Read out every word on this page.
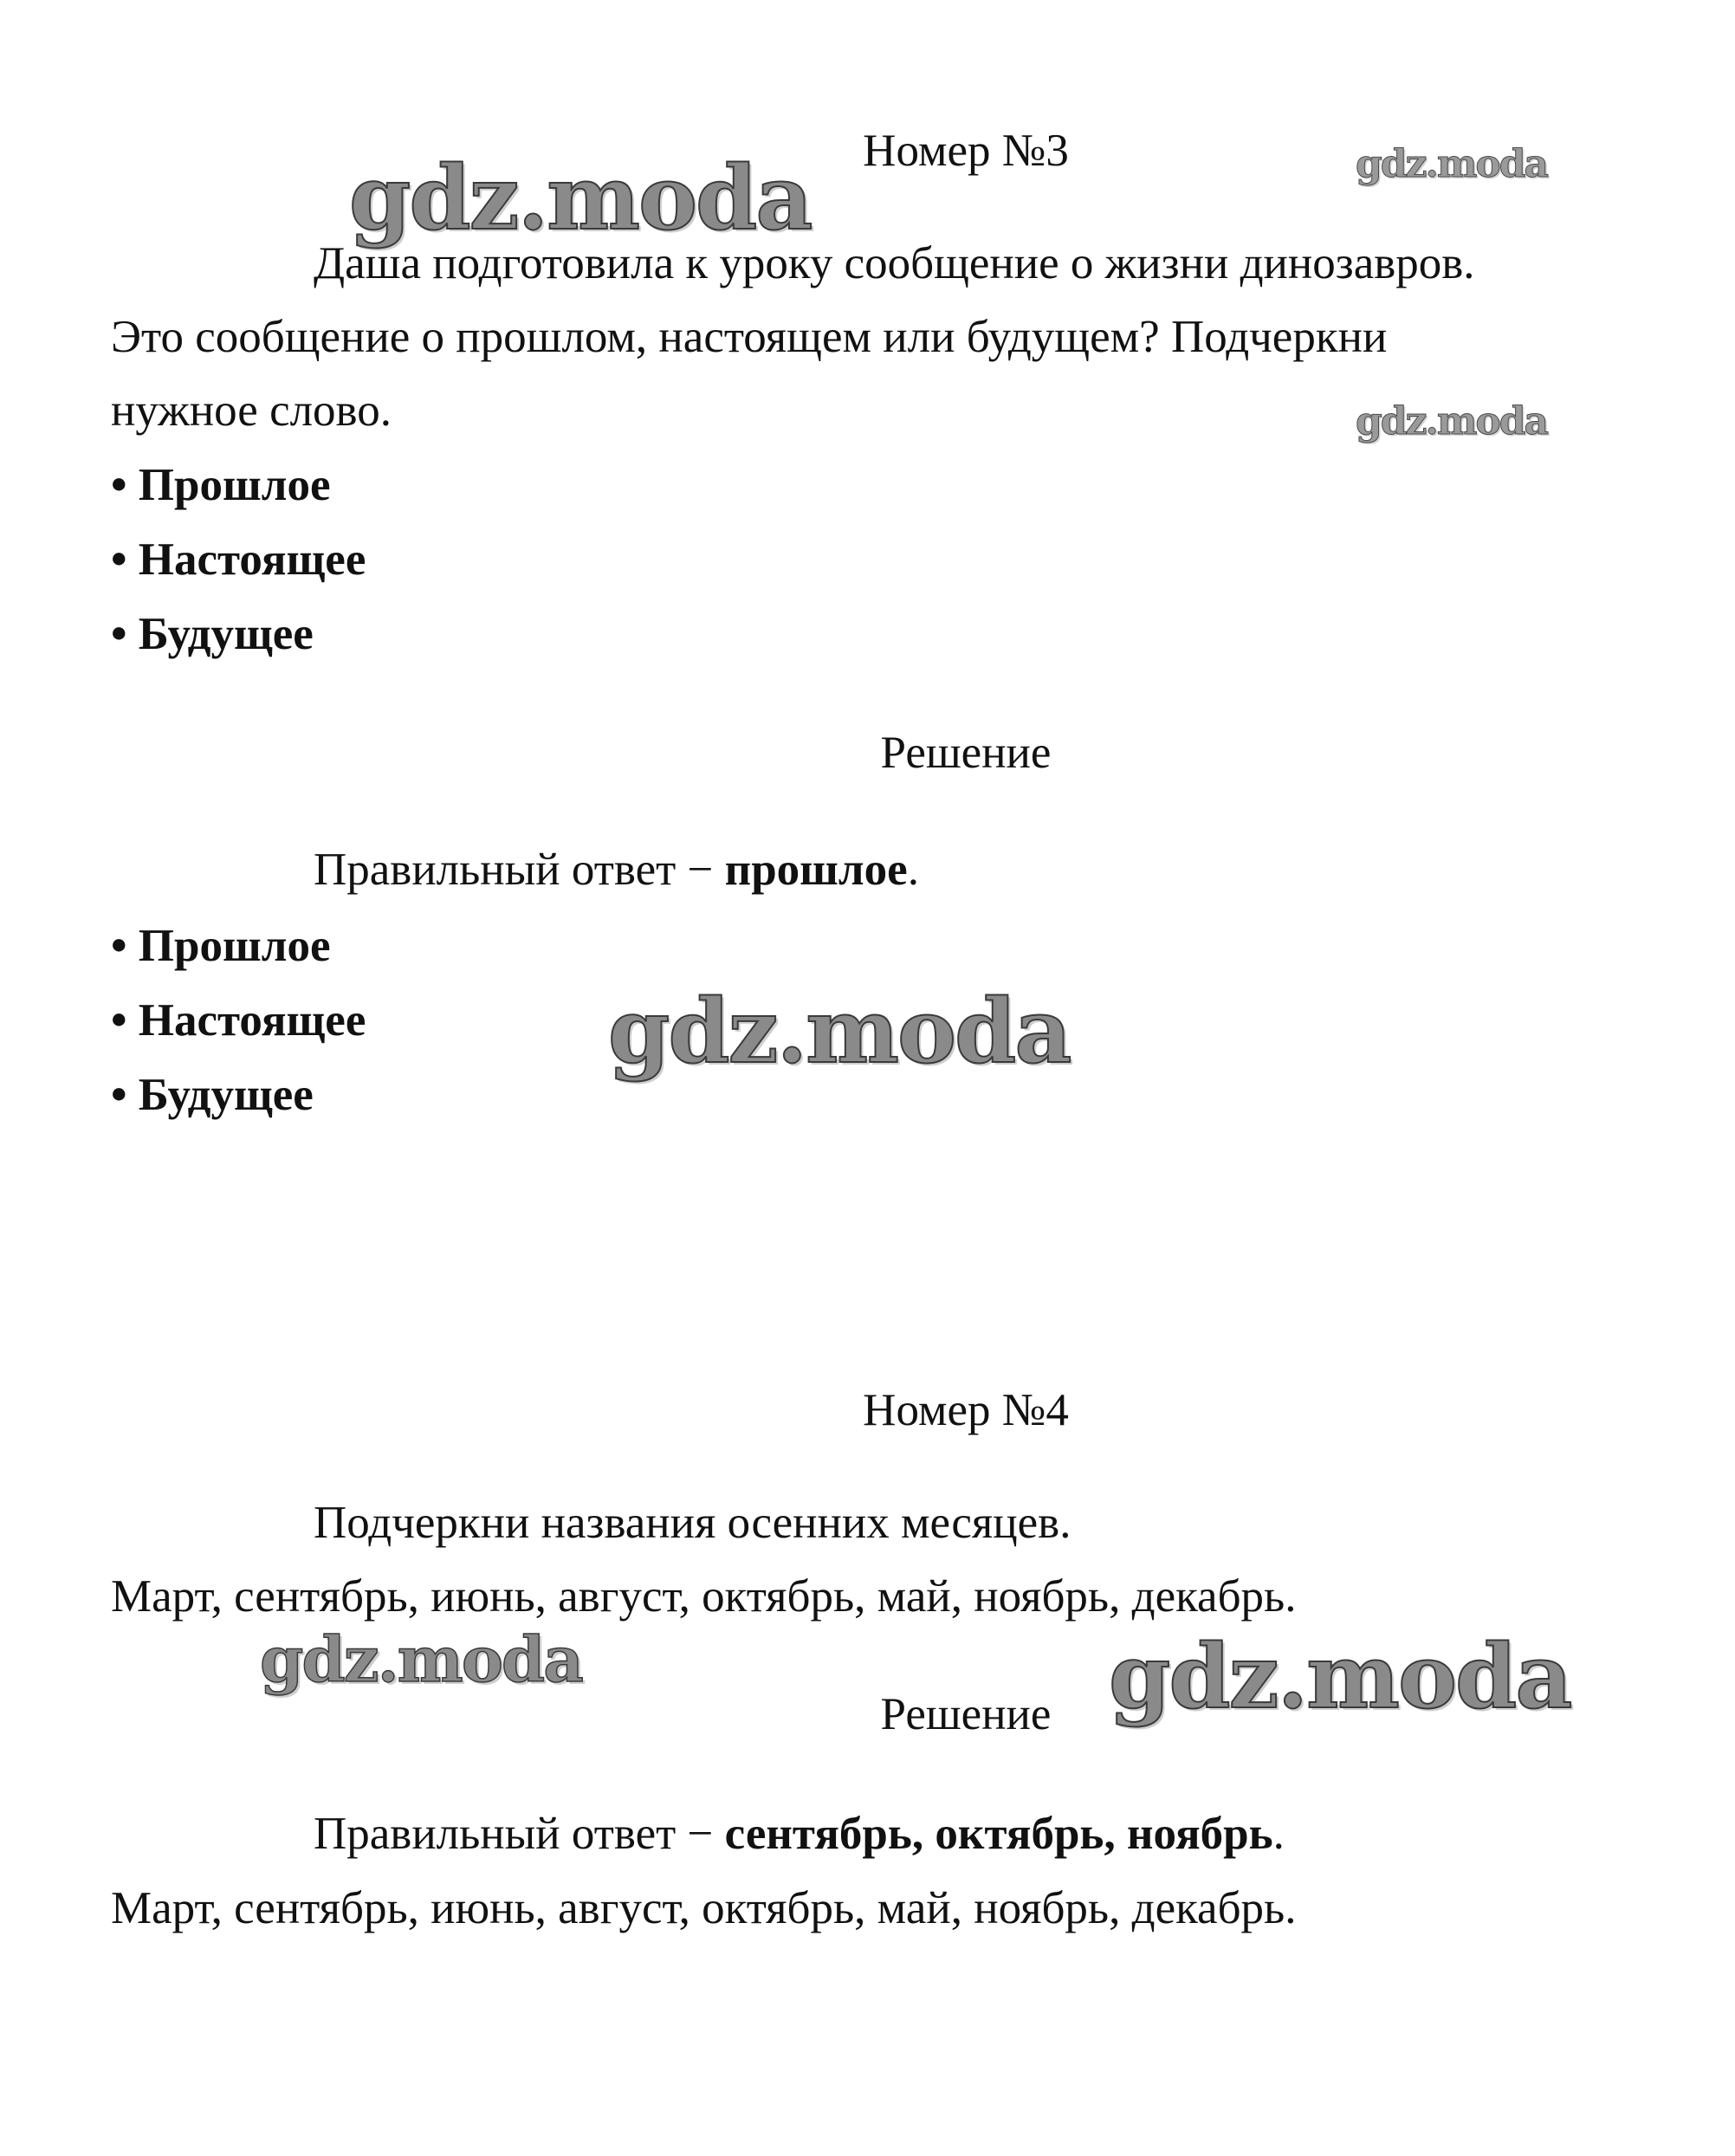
gdz.moda	gdz.moda
gdz.moda
gdz.moda
gdz.moda	gdz.moda
Номер №3
Даша подготовила к уроку сообщение о жизни динозавров.
Это сообщение о прошлом, настоящем или будущем? Подчеркни
нужное слово.
• Прошлое
• Настоящее
• Будущее
Решение
Правильный ответ − прошлое.
• Прошлое
• Настоящее
• Будущее
Номер №4
Подчеркни названия осенних месяцев.
Март, сентябрь, июнь, август, октябрь, май, ноябрь, декабрь.
Решение
Правильный ответ − сентябрь, октябрь, ноябрь.
Март, сентябрь, июнь, август, октябрь, май, ноябрь, декабрь.
